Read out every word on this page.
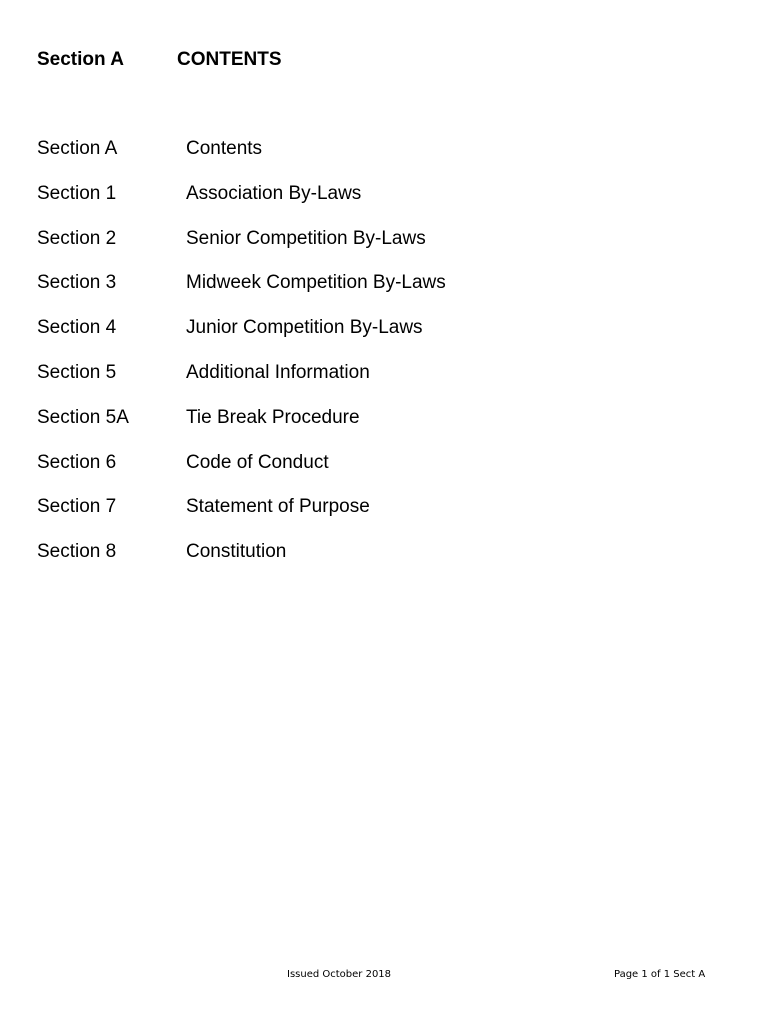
Section A	CONTENTS
Section A	Contents
Section 1	Association By-Laws
Section 2	Senior Competition By-Laws
Section 3	Midweek Competition By-Laws
Section 4	Junior Competition By-Laws
Section 5	Additional Information
Section 5A	Tie Break Procedure
Section 6	Code of Conduct
Section 7	Statement of Purpose
Section 8	Constitution
Issued October 2018	Page 1 of 1 Sect A
